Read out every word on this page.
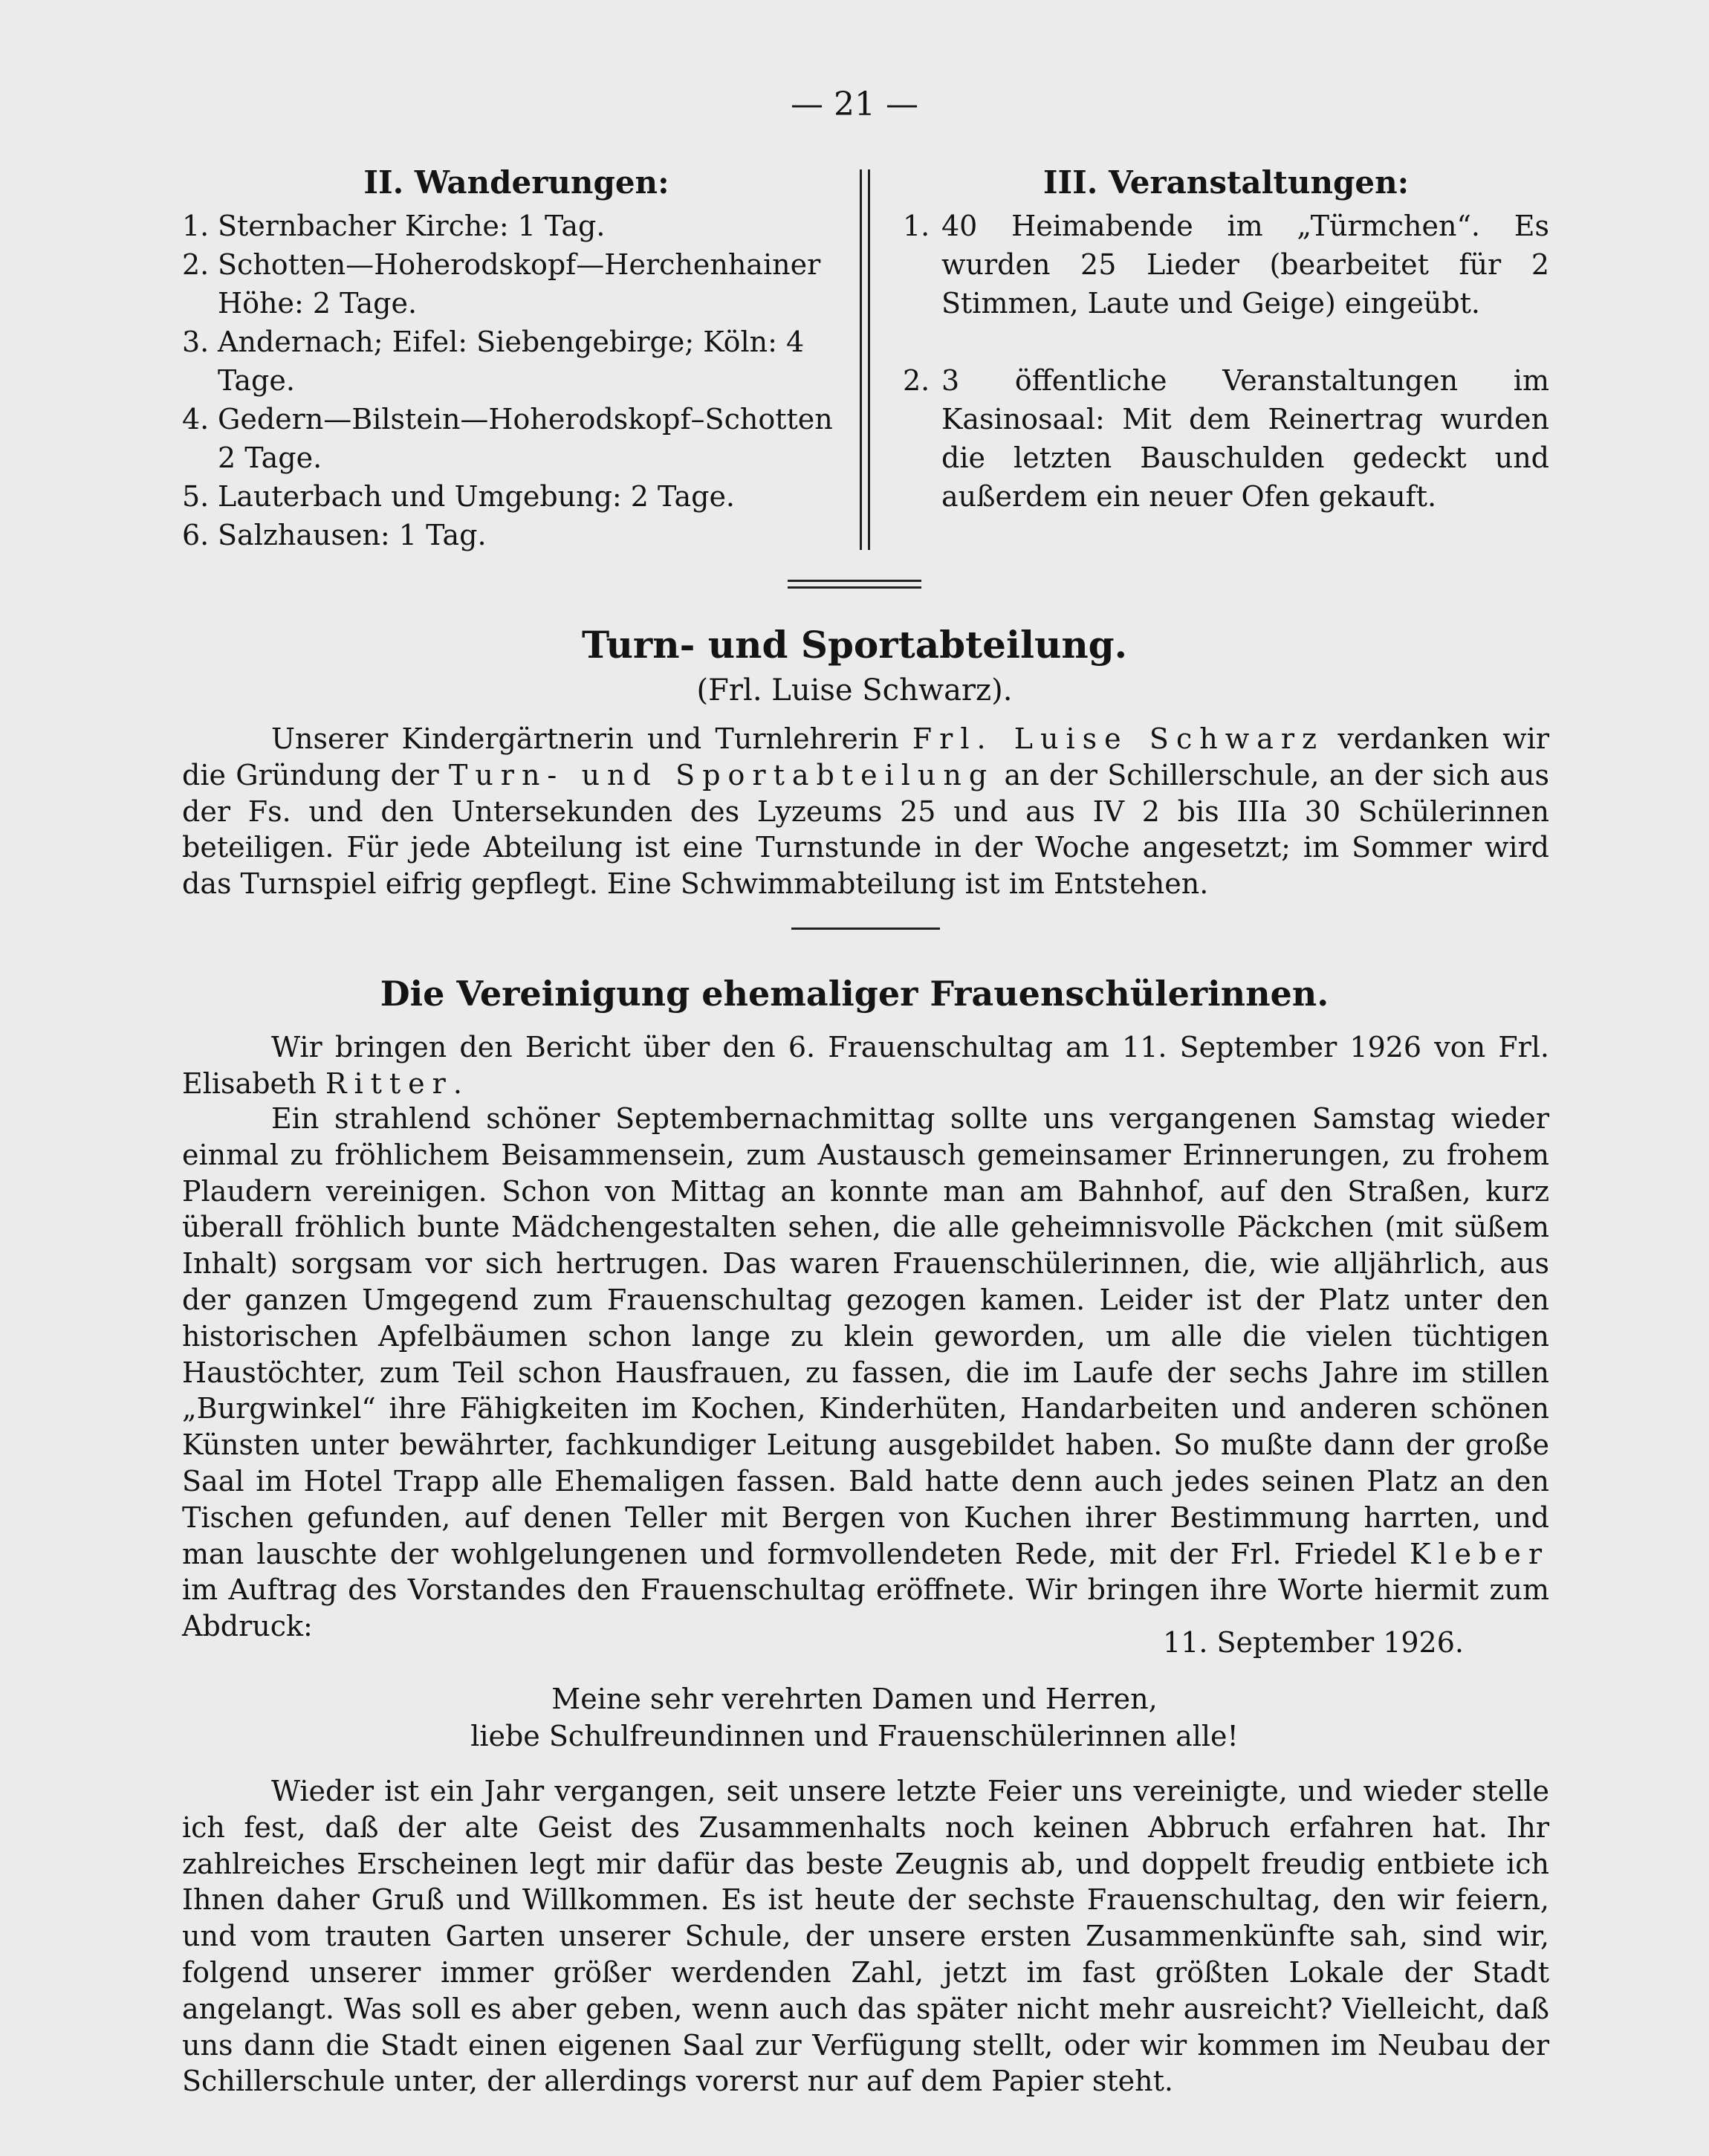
— 21 —
II. Wanderungen:
1. Sternbacher Kirche: 1 Tag.
2. Schotten—Hoherodskopf—Herchenhainer Höhe: 2 Tage.
3. Andernach; Eifel: Siebengebirge; Köln: 4 Tage.
4. Gedern—Bilstein—Hoherodskopf–Schotten 2 Tage.
5. Lauterbach und Umgebung: 2 Tage.
6. Salzhausen: 1 Tag.
III. Veranstaltungen:
1. 40 Heimabende im „Türmchen“. Es wurden 25 Lieder (bearbeitet für 2 Stimmen, Laute und Geige) eingeübt.
2. 3 öffentliche Veranstaltungen im Kasinosaal: Mit dem Reinertrag wurden die letzten Bauschulden gedeckt und außerdem ein neuer Ofen gekauft.
Turn- und Sportabteilung.
(Frl. Luise Schwarz).
Unserer Kindergärtnerin und Turnlehrerin Frl. Luise Schwarz verdanken wir die Gründung der Turn- und Sportabteilung an der Schillerschule, an der sich aus der Fs. und den Untersekunden des Lyzeums 25 und aus IV 2 bis IIIa 30 Schülerinnen beteiligen. Für jede Abteilung ist eine Turnstunde in der Woche angesetzt; im Sommer wird das Turnspiel eifrig gepflegt. Eine Schwimmabteilung ist im Entstehen.
Die Vereinigung ehemaliger Frauenschülerinnen.
Wir bringen den Bericht über den 6. Frauenschultag am 11. September 1926 von Frl. Elisabeth Ritter.
Ein strahlend schöner Septembernachmittag sollte uns vergangenen Samstag wieder einmal zu fröhlichem Beisammensein, zum Austausch gemeinsamer Erinnerungen, zu frohem Plaudern vereinigen. Schon von Mittag an konnte man am Bahnhof, auf den Straßen, kurz überall fröhlich bunte Mädchengestalten sehen, die alle geheimnisvolle Päckchen (mit süßem Inhalt) sorgsam vor sich hertrugen. Das waren Frauenschülerinnen, die, wie alljährlich, aus der ganzen Umgegend zum Frauenschultag gezogen kamen. Leider ist der Platz unter den historischen Apfelbäumen schon lange zu klein geworden, um alle die vielen tüchtigen Haustöchter, zum Teil schon Hausfrauen, zu fassen, die im Laufe der sechs Jahre im stillen „Burgwinkel“ ihre Fähigkeiten im Kochen, Kinderhüten, Handarbeiten und anderen schönen Künsten unter bewährter, fachkundiger Leitung ausgebildet haben. So mußte dann der große Saal im Hotel Trapp alle Ehemaligen fassen. Bald hatte denn auch jedes seinen Platz an den Tischen gefunden, auf denen Teller mit Bergen von Kuchen ihrer Bestimmung harrten, und man lauschte der wohlgelungenen und formvollendeten Rede, mit der Frl. Friedel Kleber im Auftrag des Vorstandes den Frauenschultag eröffnete. Wir bringen ihre Worte hiermit zum Abdruck:	11. September 1926.
Meine sehr verehrten Damen und Herren,
liebe Schulfreundinnen und Frauenschülerinnen alle!
Wieder ist ein Jahr vergangen, seit unsere letzte Feier uns vereinigte, und wieder stelle ich fest, daß der alte Geist des Zusammenhalts noch keinen Abbruch erfahren hat. Ihr zahlreiches Erscheinen legt mir dafür das beste Zeugnis ab, und doppelt freudig entbiete ich Ihnen daher Gruß und Willkommen. Es ist heute der sechste Frauenschultag, den wir feiern, und vom trauten Garten unserer Schule, der unsere ersten Zusammenkünfte sah, sind wir, folgend unserer immer größer werdenden Zahl, jetzt im fast größten Lokale der Stadt angelangt. Was soll es aber geben, wenn auch das später nicht mehr ausreicht? Vielleicht, daß uns dann die Stadt einen eigenen Saal zur Verfügung stellt, oder wir kommen im Neubau der Schillerschule unter, der allerdings vorerst nur auf dem Papier steht.
